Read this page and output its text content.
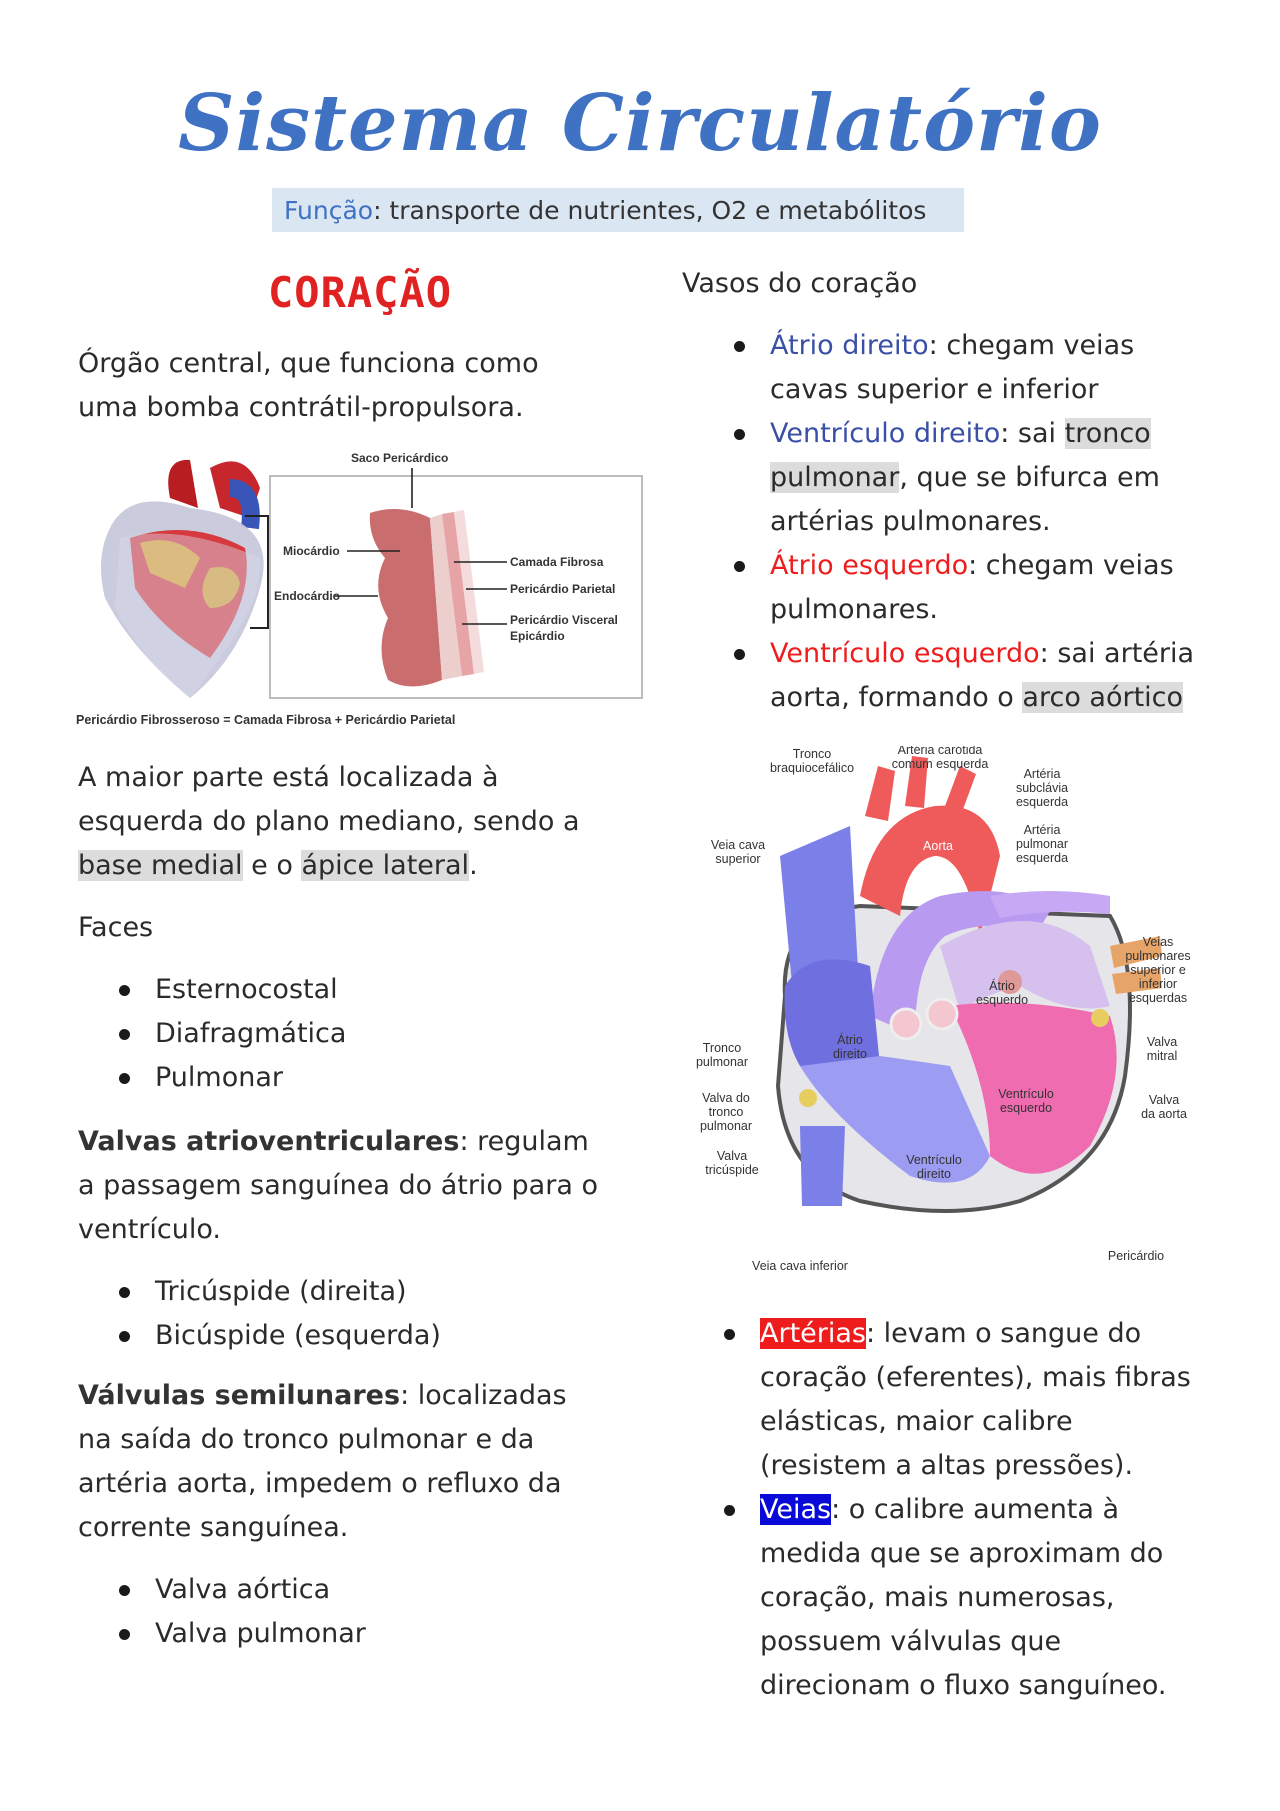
Sistema Circulatório
Função: transporte de nutrientes, O2 e metabólitos
CORAÇÃO
Órgão central, que funciona como uma bomba contrátil-propulsora.
Saco Pericárdico
Miocárdio
Endocárdio
Camada Fibrosa
Pericárdio Parietal
Pericárdio Visceral
Epicárdio
Pericárdio Fibrosseroso = Camada Fibrosa + Pericárdio Parietal
A maior parte está localizada à esquerda do plano mediano, sendo a base medial e o ápice lateral.
Faces
Esternocostal
Diafragmática
Pulmonar
Valvas atrioventriculares: regulam a passagem sanguínea do átrio para o ventrículo.
Tricúspide (direita)
Bicúspide (esquerda)
Válvulas semilunares: localizadas na saída do tronco pulmonar e da artéria aorta, impedem o refluxo da corrente sanguínea.
Valva aórtica
Valva pulmonar
Vasos do coração
Átrio direito: chegam veias cavas superior e inferior
Ventrículo direito: sai tronco pulmonar, que se bifurca em artérias pulmonares.
Átrio esquerdo: chegam veias pulmonares.
Ventrículo esquerdo: sai artéria aorta, formando o arco aórtico
Tronco
braquiocefálico
Artéria carótida
comum esquerda
Artéria
subclávia
esquerda
Artéria
pulmonar
esquerda
Veia cava
superior
Aorta
Veias
pulmonares
superior e
inferior
esquerdas
Átrio
esquerdo
Valva
mitral
Tronco
pulmonar
Átrio
direito
Ventrículo
esquerdo
Valva do
tronco
pulmonar
Valva
da aorta
Valva
tricúspide
Ventrículo
direito
Veia cava inferior
Pericárdio
Artérias: levam o sangue do coração (eferentes), mais fibras elásticas, maior calibre (resistem a altas pressões).
Veias: o calibre aumenta à medida que se aproximam do coração, mais numerosas, possuem válvulas que direcionam o fluxo sanguíneo.
